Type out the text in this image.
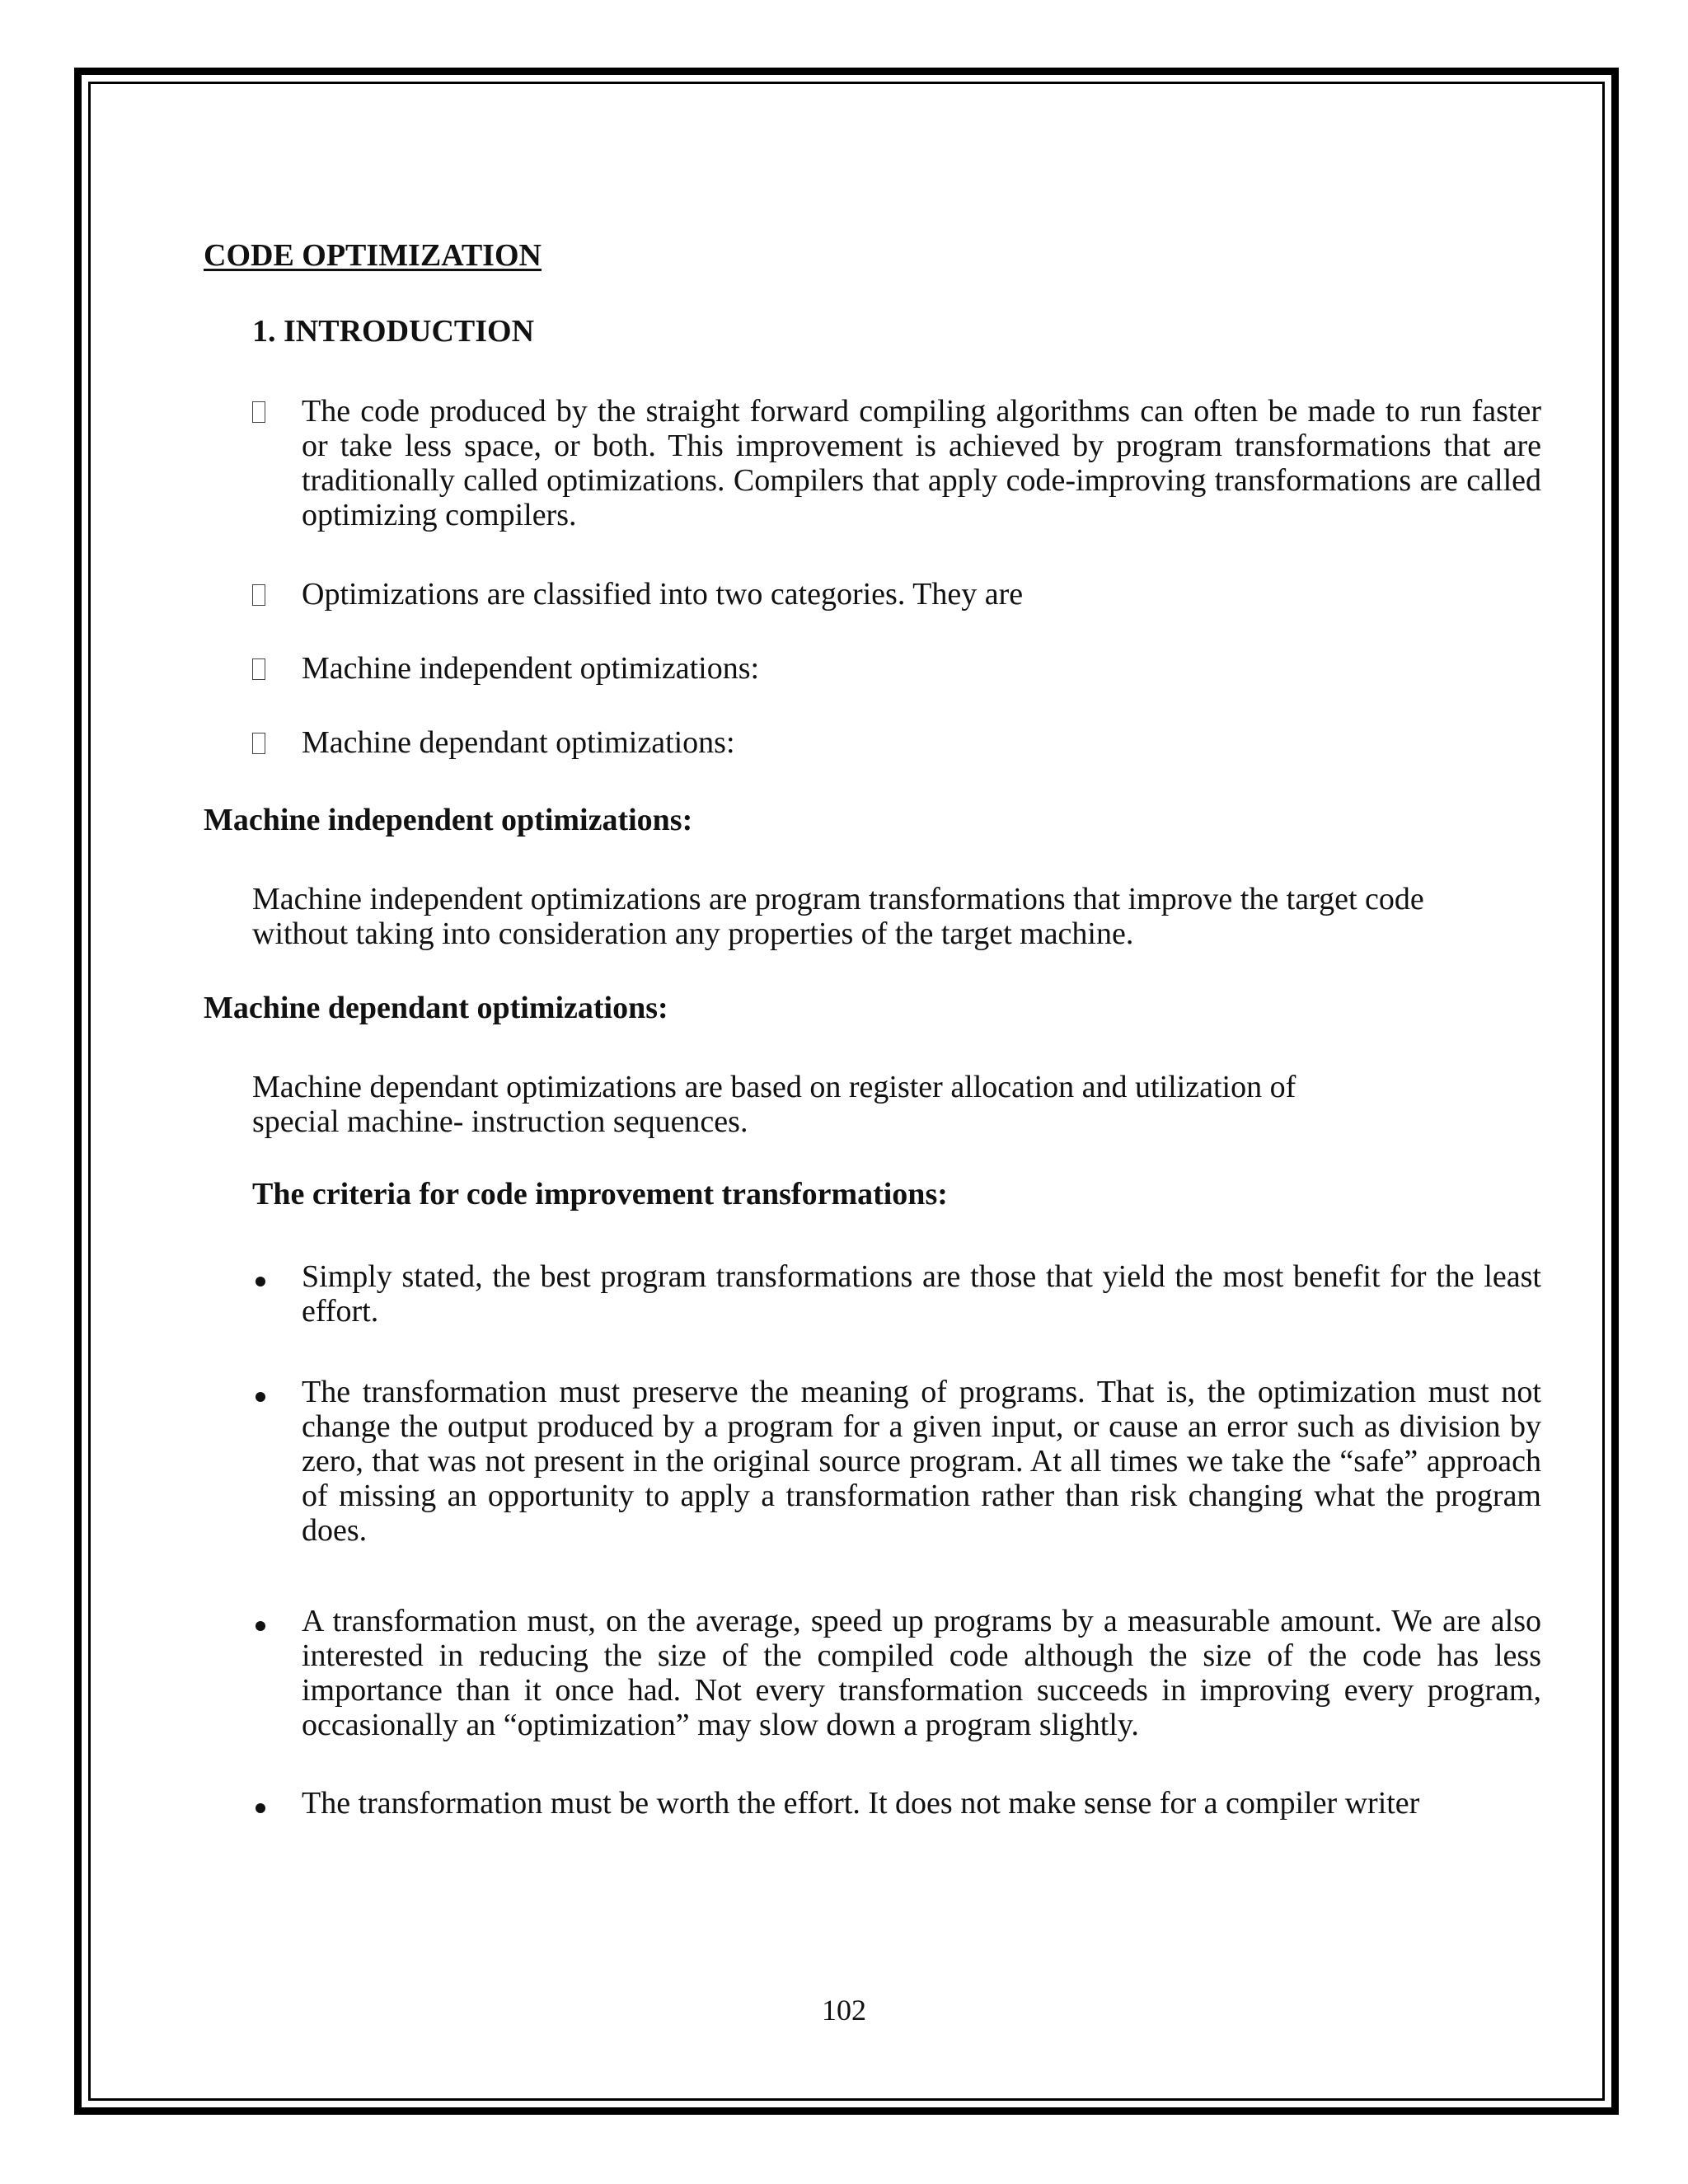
CODE OPTIMIZATION
1. INTRODUCTION
The code produced by the straight forward compiling algorithms can often be made to run faster or take less space, or both. This improvement is achieved by program transformations that are traditionally called optimizations. Compilers that apply code-improving transformations are called optimizing compilers.
Optimizations are classified into two categories. They are
Machine independent optimizations:
Machine dependant optimizations:
Machine independent optimizations:

Machine independent optimizations are program transformations that improve the target code
without taking into consideration any properties of the target machine.

Machine dependant optimizations:

Machine dependant optimizations are based on register allocation and utilization of
special machine- instruction sequences.

The criteria for code improvement transformations:
Simply stated, the best program transformations are those that yield the most benefit for the least effort.
The transformation must preserve the meaning of programs. That is, the optimization must not change the output produced by a program for a given input, or cause an error such as division by zero, that was not present in the original source program. At all times we take the “safe” approach of missing an opportunity to apply a transformation rather than risk changing what the program does.
A transformation must, on the average, speed up programs by a measurable amount. We are also interested in reducing the size of the compiled code although the size of the code has less importance than it once had. Not every transformation succeeds in improving every program, occasionally an “optimization” may slow down a program slightly.
The transformation must be worth the effort. It does not make sense for a compiler writer

102
